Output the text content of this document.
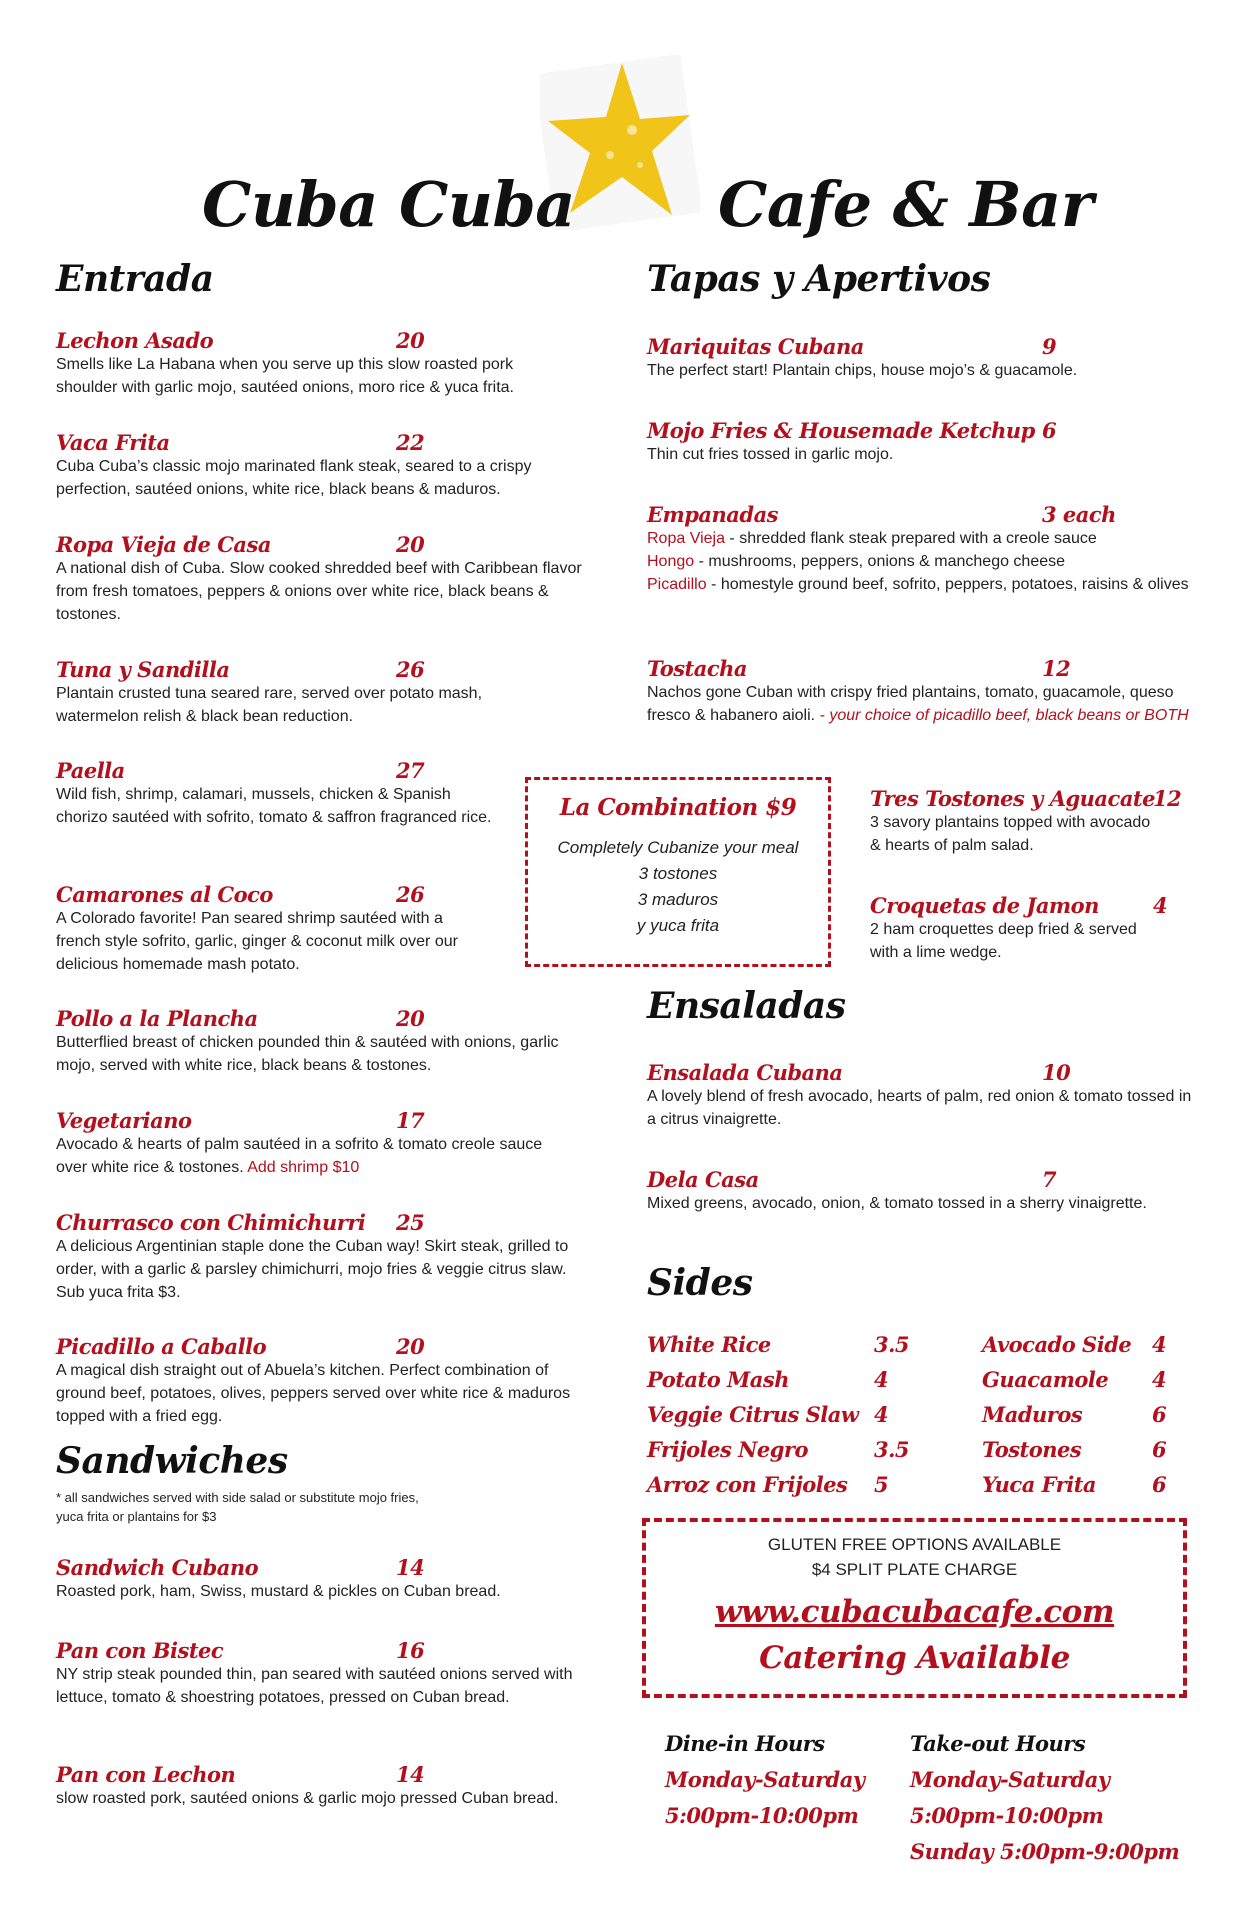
Cuba Cuba Cafe & Bar
Entrada
Lechon Asado	20
Smells like La Habana when you serve up this slow roasted pork shoulder with garlic mojo, sautéed onions, moro rice & yuca frita.
Vaca Frita	22
Cuba Cuba’s classic mojo marinated flank steak, seared to a crispy perfection, sautéed onions, white rice, black beans & maduros.
Ropa Vieja de Casa	20
A national dish of Cuba. Slow cooked shredded beef with Caribbean flavor from fresh tomatoes, peppers & onions over white rice, black beans & tostones.
Tuna y Sandilla	26
Plantain crusted tuna seared rare, served over potato mash, watermelon relish & black bean reduction.
Paella	27
Wild fish, shrimp, calamari, mussels, chicken & Spanish chorizo sautéed with sofrito, tomato & saffron fragranced rice.
Camarones al Coco	26
A Colorado favorite! Pan seared shrimp sautéed with a french style sofrito, garlic, ginger & coconut milk over our delicious homemade mash potato.
Pollo a la Plancha	20
Butterflied breast of chicken pounded thin & sautéed with onions, garlic mojo, served with white rice, black beans & tostones.
Vegetariano	17
Avocado & hearts of palm sautéed in a sofrito & tomato creole sauce over white rice & tostones. Add shrimp $10
Churrasco con Chimichurri	25
A delicious Argentinian staple done the Cuban way! Skirt steak, grilled to order, with a garlic & parsley chimichurri, mojo fries & veggie citrus slaw. Sub yuca frita $3.
Picadillo a Caballo	20
A magical dish straight out of Abuela’s kitchen. Perfect combination of ground beef, potatoes, olives, peppers served over white rice & maduros topped with a fried egg.
Sandwiches
* all sandwiches served with side salad or substitute mojo fries,
yuca frita or plantains for $3
Sandwich Cubano	14
Roasted pork, ham, Swiss, mustard & pickles on Cuban bread.
Pan con Bistec	16
NY strip steak pounded thin, pan seared with sautéed onions served with lettuce, tomato & shoestring potatoes, pressed on Cuban bread.
Pan con Lechon	14
slow roasted pork, sautéed onions & garlic mojo pressed Cuban bread.
Tapas y Apertivos
Mariquitas Cubana	9
The perfect start! Plantain chips, house mojo’s & guacamole.
Mojo Fries & Housemade Ketchup 6
Thin cut fries tossed in garlic mojo.
Empanadas	3 each
Ropa Vieja - shredded flank steak prepared with a creole sauce
Hongo - mushrooms, peppers, onions & manchego cheese
Picadillo - homestyle ground beef, sofrito, peppers, potatoes, raisins & olives
Tostacha	12
Nachos gone Cuban with crispy fried plantains, tomato, guacamole, queso fresco & habanero aioli. - your choice of picadillo beef, black beans or BOTH
La Combination $9
Completely Cubanize your meal
3 tostones
3 maduros
y yuca frita
Tres Tostones y Aguacate
12
3 savory plantains topped with avocado & hearts of palm salad.
Croquetas de Jamon	4
2 ham croquettes deep fried & served with a lime wedge.
Ensaladas
Ensalada Cubana	10
A lovely blend of fresh avocado, hearts of palm, red onion & tomato tossed in a citrus vinaigrette.
Dela Casa	7
Mixed greens, avocado, onion, & tomato tossed in a sherry vinaigrette.
Sides
White Rice	3.5
Potato Mash	4
Veggie Citrus Slaw 4
Frijoles Negro	3.5
Arroz con Frijoles 5
Avocado Side 4
Guacamole 4
Maduros	6
Tostones	6
Yuca Frita	6
GLUTEN FREE OPTIONS AVAILABLE
$4 SPLIT PLATE CHARGE
www.cubacubacafe.com
Catering Available
Dine-in Hours
Monday-Saturday
5:00pm-10:00pm
Take-out Hours
Monday-Saturday
5:00pm-10:00pm
Sunday 5:00pm-9:00pm
